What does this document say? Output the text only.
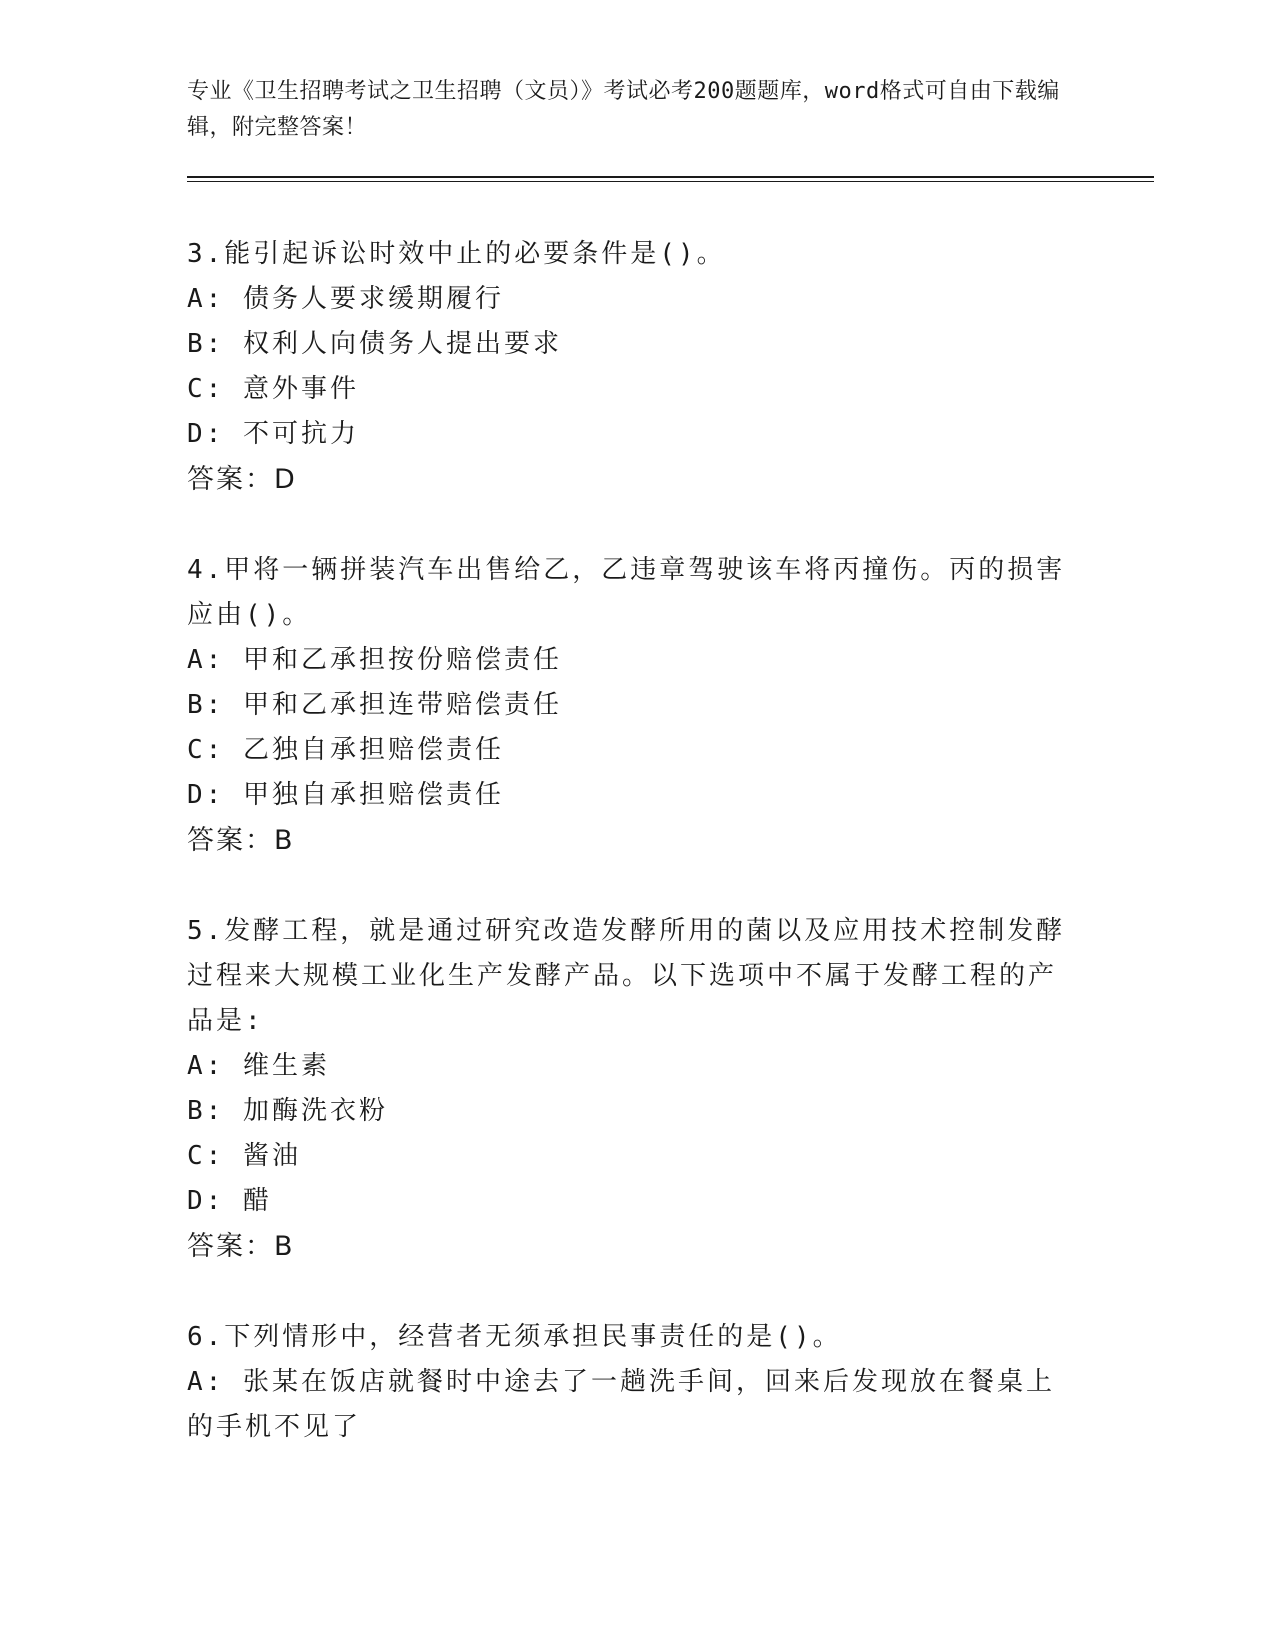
专业《卫生招聘考试之卫生招聘（文员）》考试必考200题题库，word格式可自由下载编辑，附完整答案！

3.能引起诉讼时效中止的必要条件是()。

A: 债务人要求缓期履行

B: 权利人向债务人提出要求

C: 意外事件

D: 不可抗力

答案：D

4.甲将一辆拼装汽车出售给乙，乙违章驾驶该车将丙撞伤。丙的损害应由()。

A: 甲和乙承担按份赔偿责任

B: 甲和乙承担连带赔偿责任

C: 乙独自承担赔偿责任

D: 甲独自承担赔偿责任

答案：B

5.发酵工程，就是通过研究改造发酵所用的菌以及应用技术控制发酵过程来大规模工业化生产发酵产品。以下选项中不属于发酵工程的产品是:

A: 维生素

B: 加酶洗衣粉

C: 酱油

D: 醋

答案：B

6.下列情形中，经营者无须承担民事责任的是()。

A: 张某在饭店就餐时中途去了一趟洗手间，回来后发现放在餐桌上的手机不见了
